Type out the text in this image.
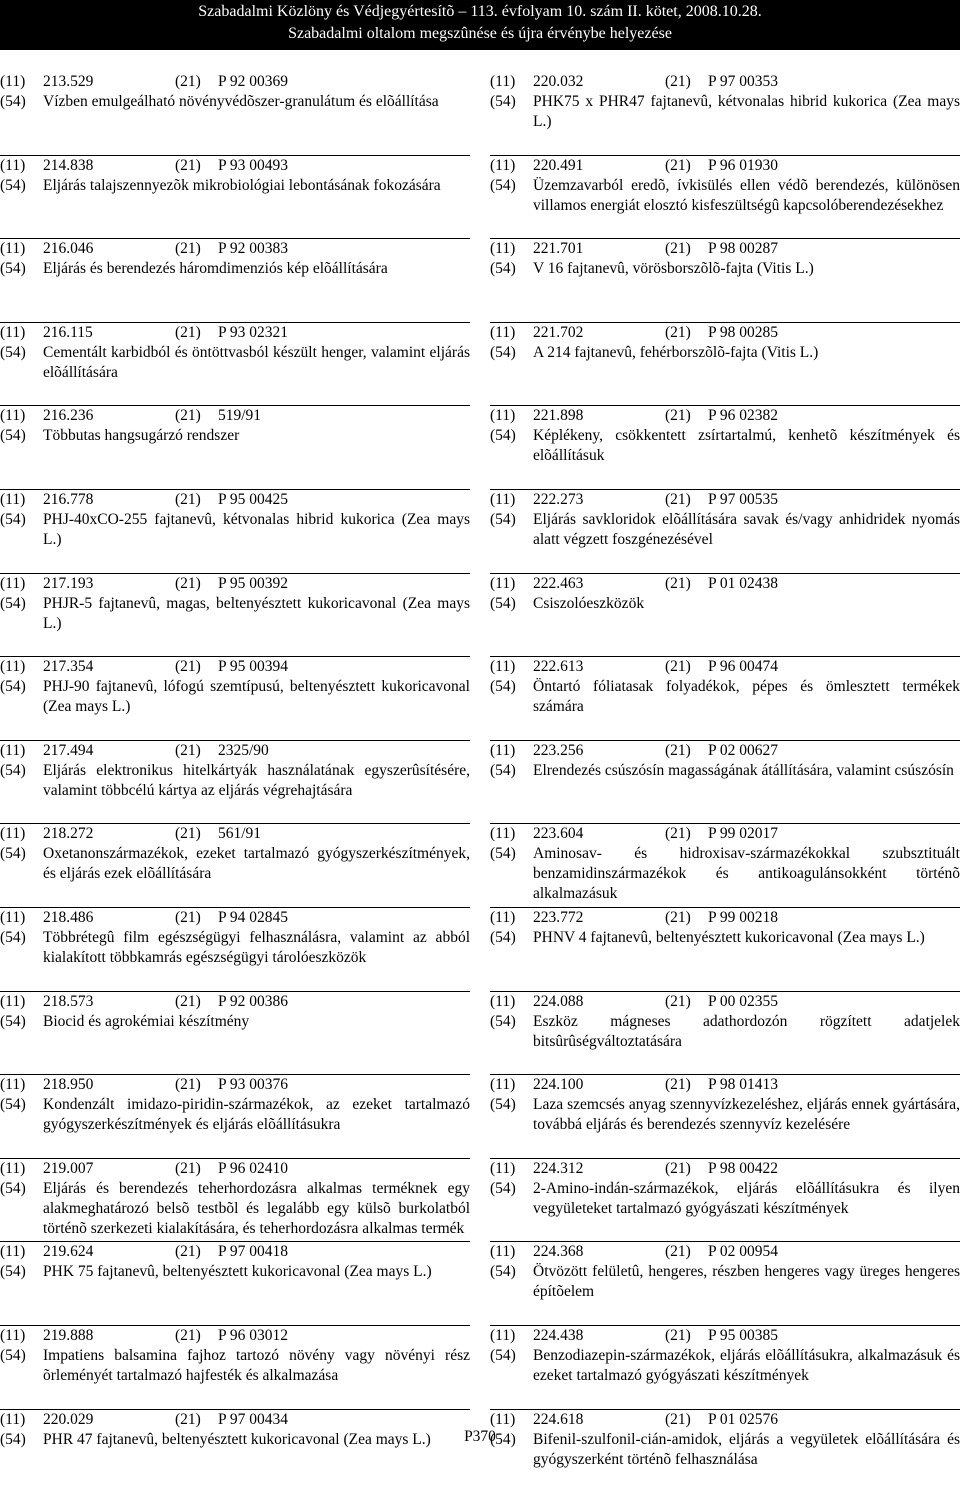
Szabadalmi Közlöny és Védjegyértesítõ – 113. évfolyam 10. szám II. kötet, 2008.10.28.
Szabadalmi oltalom megszûnése és újra érvénybe helyezése
(11) 213.529	(21) P 92 00369
(54) Vízben emulgeálható növényvédõszer-granulátum és elõállítása
(11) 214.838	(21) P 93 00493
(54) Eljárás talajszennyezõk mikrobiológiai lebontásának fokozására
(11) 216.046	(21) P 92 00383
(54) Eljárás és berendezés háromdimenziós kép elõállítására
(11) 216.115	(21) P 93 02321
(54) Cementált karbidból és öntöttvasból készült henger, valamint eljárás elõállítására
(11) 216.236	(21) 519/91
(54) Többutas hangsugárzó rendszer
(11) 216.778	(21) P 95 00425
(54) PHJ-40xCO-255 fajtanevû, kétvonalas hibrid kukorica (Zea mays L.)
(11) 217.193	(21) P 95 00392
(54) PHJR-5 fajtanevû, magas, beltenyésztett kukoricavonal (Zea mays L.)
(11) 217.354	(21) P 95 00394
(54) PHJ-90 fajtanevû, lófogú szemtípusú, beltenyésztett kukoricavonal (Zea mays L.)
(11) 217.494	(21) 2325/90
(54) Eljárás elektronikus hitelkártyák használatának egyszerûsítésére, valamint többcélú kártya az eljárás végrehajtására
(11) 218.272	(21) 561/91
(54) Oxetanonszármazékok, ezeket tartalmazó gyógyszerkészítmények, és eljárás ezek elõállítására
(11) 218.486	(21) P 94 02845
(54) Többrétegû film egészségügyi felhasználásra, valamint az abból kialakított többkamrás egészségügyi tárolóeszközök
(11) 218.573	(21) P 92 00386
(54) Biocid és agrokémiai készítmény
(11) 218.950	(21) P 93 00376
(54) Kondenzált imidazo-piridin-származékok, az ezeket tartalmazó gyógyszerkészítmények és eljárás elõállításukra
(11) 219.007	(21) P 96 02410
(54) Eljárás és berendezés teherhordozásra alkalmas terméknek egy alakmeghatározó belsõ testbõl és legalább egy külsõ burkolatból történõ szerkezeti kialakítására, és teherhordozásra alkalmas termék
(11) 219.624	(21) P 97 00418
(54) PHK 75 fajtanevû, beltenyésztett kukoricavonal (Zea mays L.)
(11) 219.888	(21) P 96 03012
(54) Impatiens balsamina fajhoz tartozó növény vagy növényi rész õrleményét tartalmazó hajfesték és alkalmazása
(11) 220.029	(21) P 97 00434
(54) PHR 47 fajtanevû, beltenyésztett kukoricavonal (Zea mays L.)
(11) 220.032	(21) P 97 00353
(54) PHK75 x PHR47 fajtanevû, kétvonalas hibrid kukorica (Zea mays L.)
(11) 220.491	(21) P 96 01930
(54) Üzemzavarból eredõ, ívkisülés ellen védõ berendezés, különösen villamos energiát elosztó kisfeszültségû kapcsolóberendezésekhez
(11) 221.701	(21) P 98 00287
(54) V 16 fajtanevû, vörösborszõlõ-fajta (Vitis L.)
(11) 221.702	(21) P 98 00285
(54) A 214 fajtanevû, fehérborszõlõ-fajta (Vitis L.)
(11) 221.898	(21) P 96 02382
(54) Képlékeny, csökkentett zsírtartalmú, kenhetõ készítmények és elõállításuk
(11) 222.273	(21) P 97 00535
(54) Eljárás savkloridok elõállítására savak és/vagy anhidridek nyomás alatt végzett foszgénezésével
(11) 222.463	(21) P 01 02438
(54) Csiszolóeszközök
(11) 222.613	(21) P 96 00474
(54) Öntartó fóliatasak folyadékok, pépes és ömlesztett termékek számára
(11) 223.256	(21) P 02 00627
(54) Elrendezés csúszósín magasságának átállítására, valamint csúszósín
(11) 223.604	(21) P 99 02017
(54) Aminosav- és hidroxisav-származékokkal szubsztituált benzamidinszármazékok és antikoagulánsokként történõ alkalmazásuk
(11) 223.772	(21) P 99 00218
(54) PHNV 4 fajtanevû, beltenyésztett kukoricavonal (Zea mays L.)
(11) 224.088	(21) P 00 02355
(54) Eszköz mágneses adathordozón rögzített adatjelek bitsûrûségváltoztatására
(11) 224.100	(21) P 98 01413
(54) Laza szemcsés anyag szennyvízkezeléshez, eljárás ennek gyártására, továbbá eljárás és berendezés szennyvíz kezelésére
(11) 224.312	(21) P 98 00422
(54) 2-Amino-indán-származékok, eljárás elõállításukra és ilyen vegyületeket tartalmazó gyógyászati készítmények
(11) 224.368	(21) P 02 00954
(54) Ötvözött felületû, hengeres, részben hengeres vagy üreges hengeres építõelem
(11) 224.438	(21) P 95 00385
(54) Benzodiazepin-származékok, eljárás elõállításukra, alkalmazásuk és ezeket tartalmazó gyógyászati készítmények
(11) 224.618	(21) P 01 02576
(54) Bifenil-szulfonil-cián-amidok, eljárás a vegyületek elõállítására és gyógyszerként történõ felhasználása
P370
